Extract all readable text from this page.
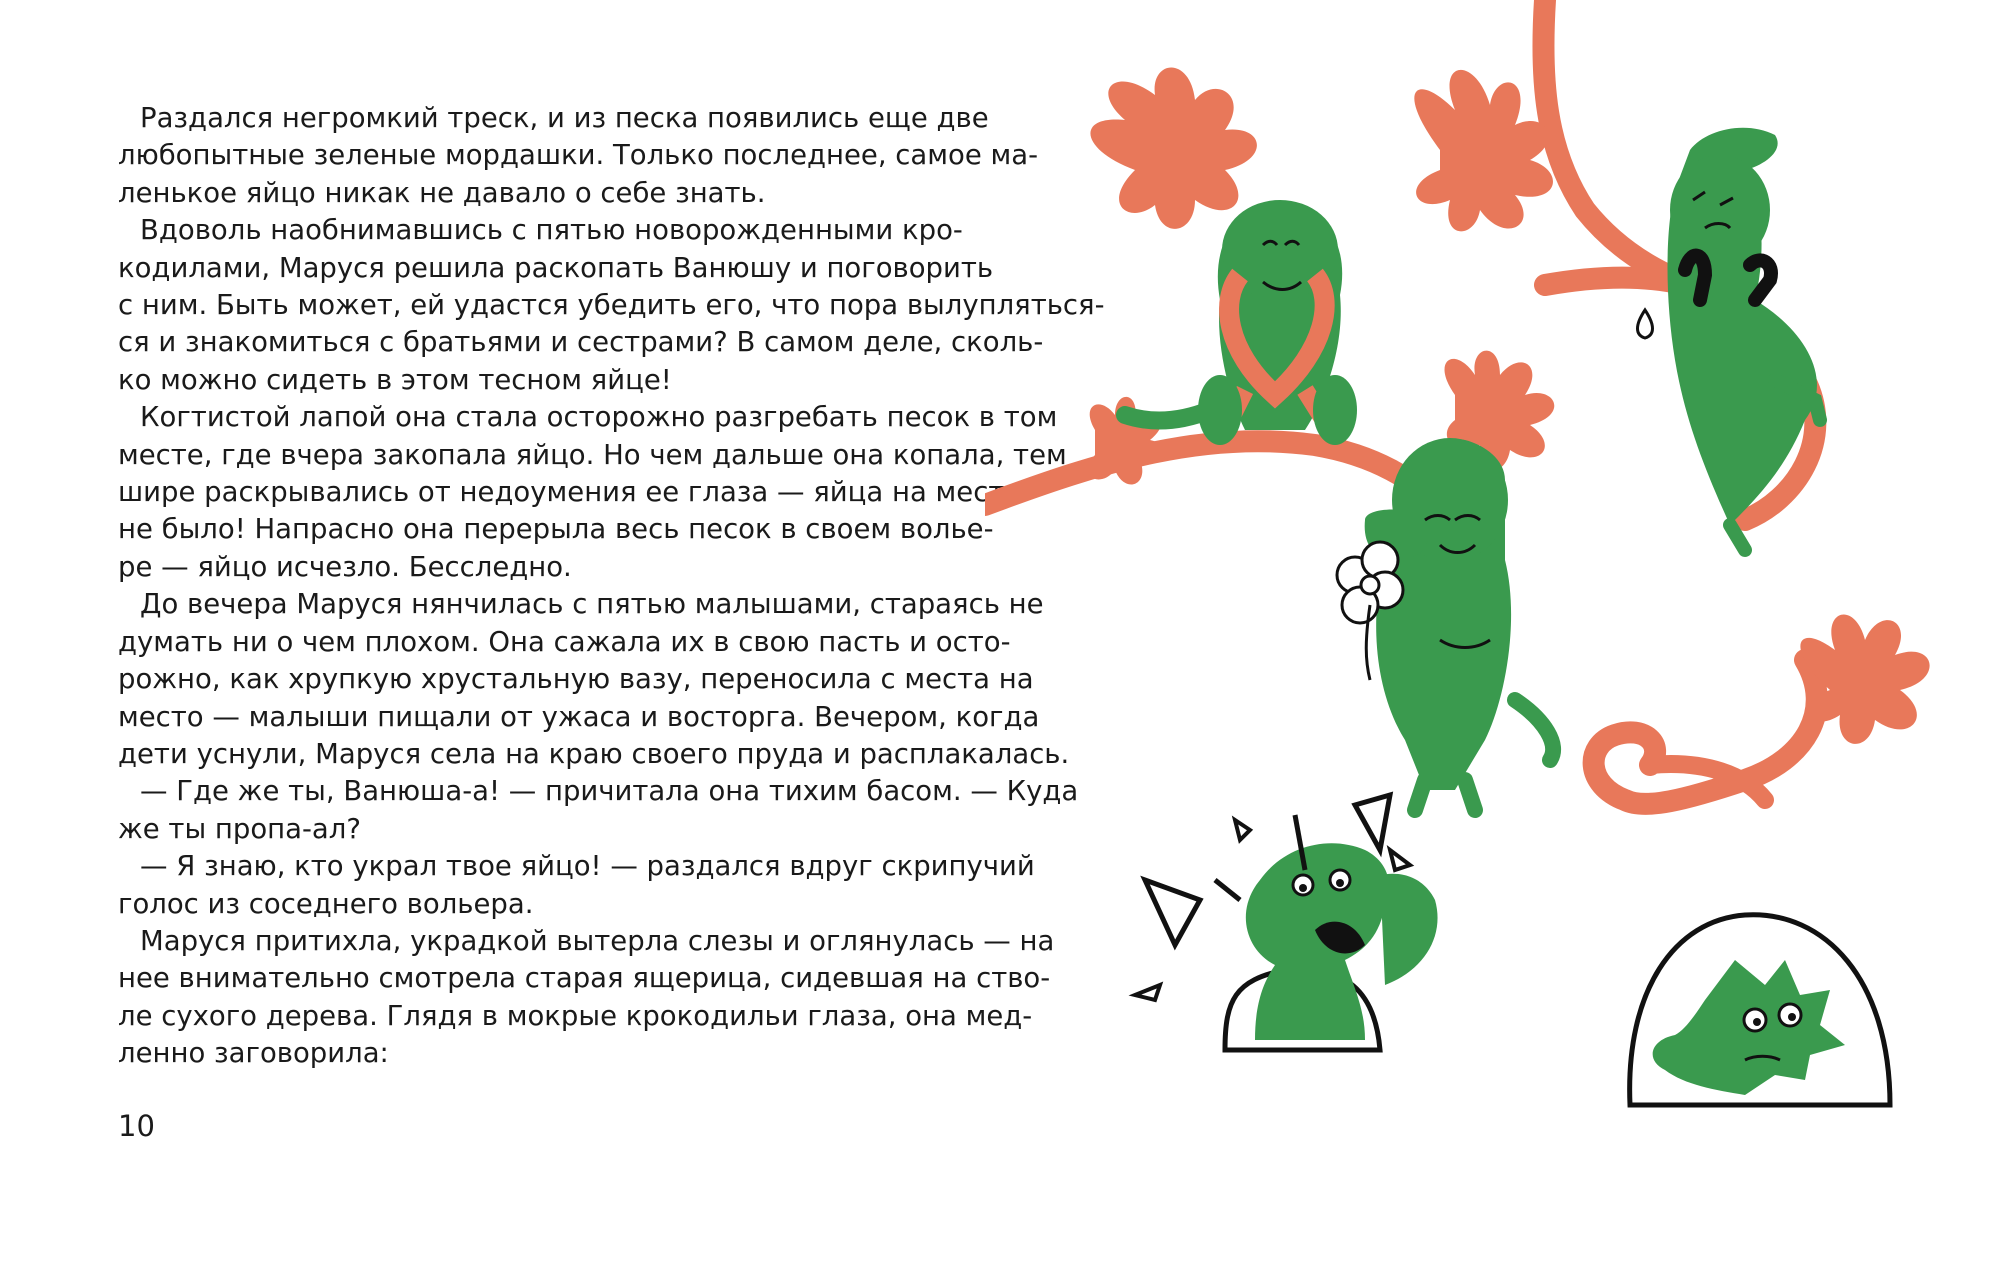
Раздался негромкий треск, и из песка появились еще две
любопытные зеленые мордашки. Только последнее, самое ма-
ленькое яйцо никак не давало о себе знать.
Вдоволь наобнимавшись с пятью новорожденными кро-
кодилами, Маруся решила раскопать Ванюшу и поговорить
с ним. Быть может, ей удастся убедить его, что пора вылупляться-
ся и знакомиться с братьями и сестрами? В самом деле, сколь-
ко можно сидеть в этом тесном яйце!
Когтистой лапой она стала осторожно разгребать песок в том
месте, где вчера закопала яйцо. Но чем дальше она копала, тем
шире раскрывались от недоумения ее глаза — яйца на месте
не было! Напрасно она перерыла весь песок в своем волье-
ре — яйцо исчезло. Бесследно.
До вечера Маруся нянчилась с пятью малышами, стараясь не
думать ни о чем плохом. Она сажала их в свою пасть и осто-
рожно, как хрупкую хрустальную вазу, переносила с места на
место — малыши пищали от ужаса и восторга. Вечером, когда
дети уснули, Маруся села на краю своего пруда и расплакалась.
— Где же ты, Ванюша-а! — причитала она тихим басом. — Куда
же ты пропа-ал?
— Я знаю, кто украл твое яйцо! — раздался вдруг скрипучий
голос из соседнего вольера.
Маруся притихла, украдкой вытерла слезы и оглянулась — на
нее внимательно смотрела старая ящерица, сидевшая на ство-
ле сухого дерева. Глядя в мокрые крокодильи глаза, она мед-
ленно заговорила:
10
